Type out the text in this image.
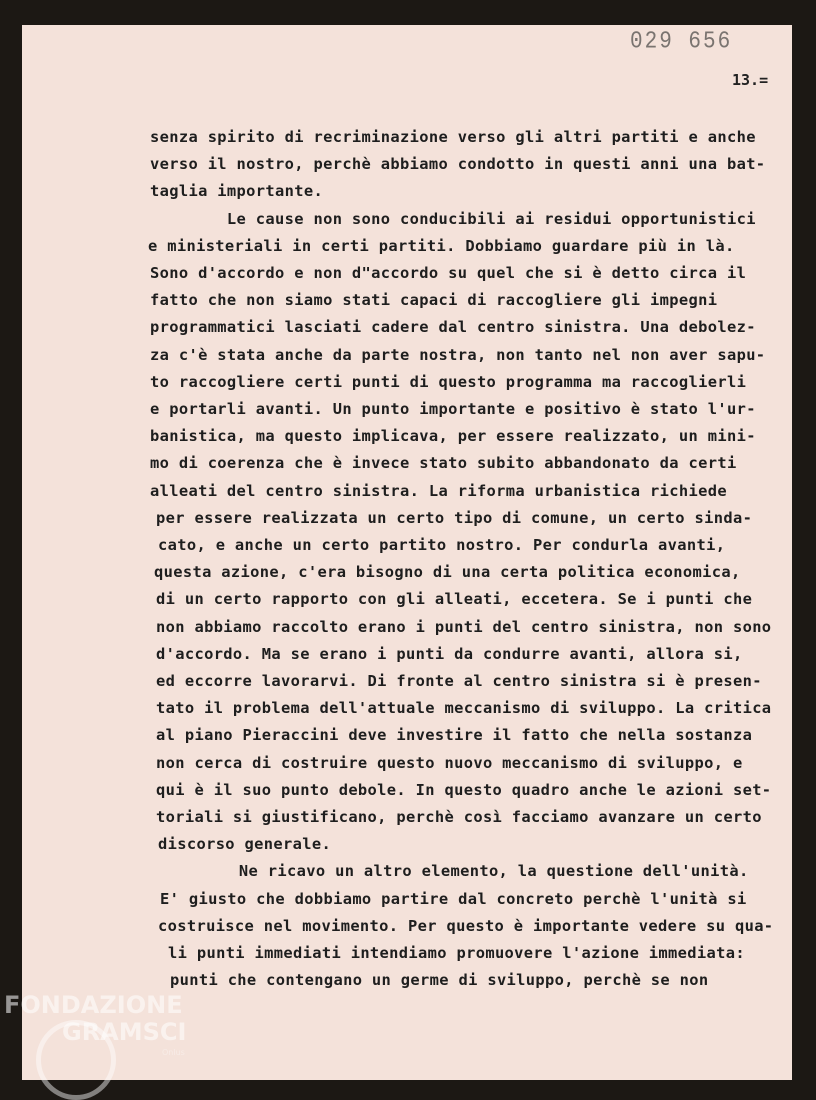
029 656
13.=
senza spirito di recriminazione verso gli altri partiti e anche
verso il nostro, perchè abbiamo condotto in questi anni una bat-
taglia importante.
Le cause non sono conducibili ai residui opportunistici
e ministeriali in certi partiti. Dobbiamo guardare più in là.
Sono d'accordo e non d"accordo su quel che si è detto circa il
fatto che non siamo stati capaci di raccogliere gli impegni
programmatici lasciati cadere dal centro sinistra. Una debolez-
za c'è stata anche da parte nostra, non tanto nel non aver sapu-
to raccogliere certi punti di questo programma ma raccoglierli
e portarli avanti. Un punto importante e positivo è stato l'ur-
banistica, ma questo implicava, per essere realizzato, un mini-
mo di coerenza che è invece stato subito abbandonato da certi
alleati del centro sinistra. La riforma urbanistica richiede
per essere realizzata un certo tipo di comune, un certo sinda-
cato, e anche un certo partito nostro. Per condurla avanti,
questa azione, c'era bisogno di una certa politica economica,
di un certo rapporto con gli alleati, eccetera. Se i punti che
non abbiamo raccolto erano i punti del centro sinistra, non sono
d'accordo. Ma se erano i punti da condurre avanti, allora si,
ed eccorre lavorarvi. Di fronte al centro sinistra si è presen-
tato il problema dell'attuale meccanismo di sviluppo. La critica
al piano Pieraccini deve investire il fatto che nella sostanza
non cerca di costruire questo nuovo meccanismo di sviluppo, e
qui è il suo punto debole. In questo quadro anche le azioni set-
toriali si giustificano, perchè così facciamo avanzare un certo
discorso generale.
Ne ricavo un altro elemento, la questione dell'unità.
E' giusto che dobbiamo partire dal concreto perchè l'unità si
costruisce nel movimento. Per questo è importante vedere su qua-
li punti immediati intendiamo promuovere l'azione immediata:
punti che contengano un germe di sviluppo, perchè se non
FONDAZIONE
GRAMSCI
Onlus
